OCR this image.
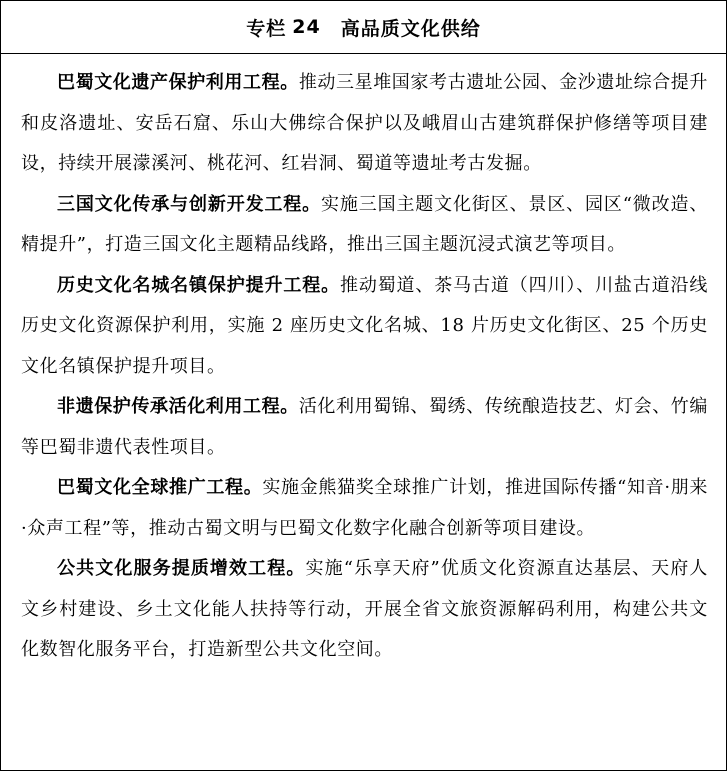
专栏 24 高品质文化供给

巴蜀文化遗产保护利用工程。推动三星堆国家考古遗址公园、金沙遗址综合提升和皮洛遗址、安岳石窟、乐山大佛综合保护以及峨眉山古建筑群保护修缮等项目建设，持续开展濛溪河、桃花河、红岩洞、蜀道等遗址考古发掘。

三国文化传承与创新开发工程。实施三国主题文化街区、景区、园区“微改造、精提升”，打造三国文化主题精品线路，推出三国主题沉浸式演艺等项目。

历史文化名城名镇保护提升工程。推动蜀道、茶马古道（四川）、川盐古道沿线历史文化资源保护利用，实施 2 座历史文化名城、18 片历史文化街区、25 个历史文化名镇保护提升项目。

非遗保护传承活化利用工程。活化利用蜀锦、蜀绣、传统酿造技艺、灯会、竹编等巴蜀非遗代表性项目。

巴蜀文化全球推广工程。实施金熊猫奖全球推广计划，推进国际传播“知音·朋来·众声工程”等，推动古蜀文明与巴蜀文化数字化融合创新等项目建设。

公共文化服务提质增效工程。实施“乐享天府”优质文化资源直达基层、天府人文乡村建设、乡土文化能人扶持等行动，开展全省文旅资源解码利用，构建公共文化数智化服务平台，打造新型公共文化空间。
